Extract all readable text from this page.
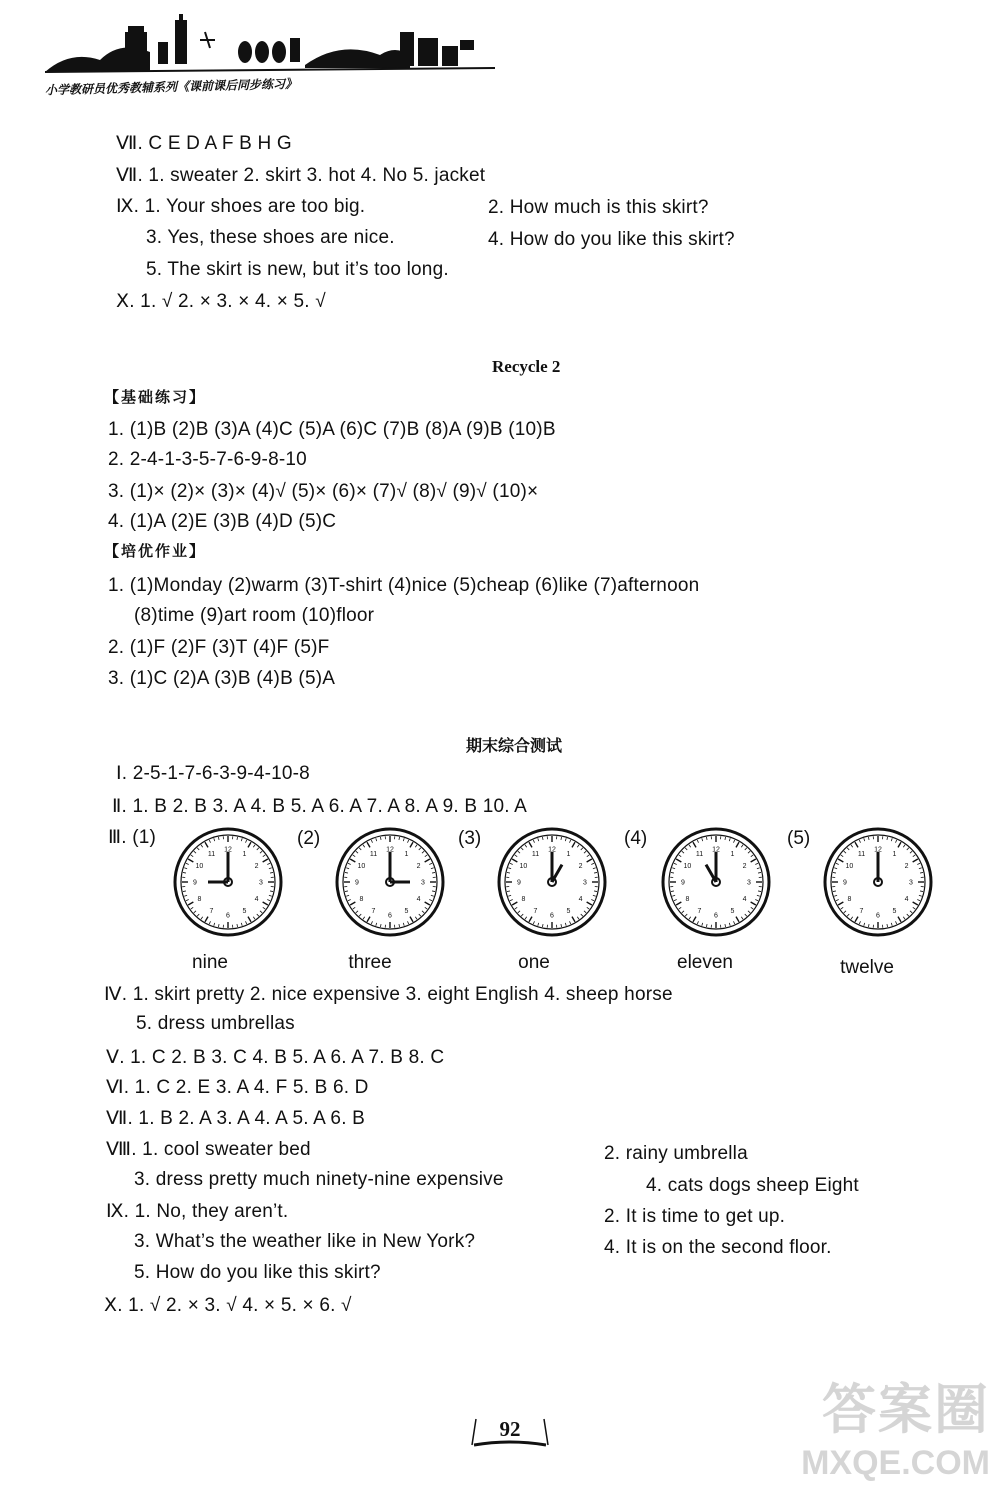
小学教研员优秀教辅系列《课前课后同步练习》
Ⅶ. C E D A F B H G
Ⅶ. 1. sweater 2. skirt 3. hot 4. No 5. jacket
Ⅸ. 1. Your shoes are too big.	2. How much is this skirt?
3. Yes, these shoes are nice.	4. How do you like this skirt?
5. The skirt is new, but it’s too long.
Ⅹ. 1. √ 2. × 3. × 4. × 5. √
Recycle 2
【基础练习】
1. (1)B (2)B (3)A (4)C (5)A (6)C (7)B (8)A (9)B (10)B
2. 2-4-1-3-5-7-6-9-8-10
3. (1)× (2)× (3)× (4)√ (5)× (6)× (7)√ (8)√ (9)√ (10)×
4. (1)A (2)E (3)B (4)D (5)C
【培优作业】
1. (1)Monday (2)warm (3)T-shirt (4)nice (5)cheap (6)like (7)afternoon
(8)time (9)art room (10)floor
2. (1)F (2)F (3)T (4)F (5)F
3. (1)C (2)A (3)B (4)B (5)A
期末综合测试
Ⅰ. 2-5-1-7-6-3-9-4-10-8
Ⅱ. 1. B 2. B 3. A 4. B 5. A 6. A 7. A 8. A 9. B 10. A
Ⅲ. (1)	(2)	(3)	(4)	(5)
1
2
3
4
5
6
7
8
9
10
11
12
1
2
3
4
5
6
7
8
9
10
11
12
1
2
3
4
5
6
7
8
9
10
11
12
1
2
3
4
5
6
7
8
9
10
11
12
1
2
3
4
5
6
7
8
9
10
11
12
nine	three	one	eleven	twelve
Ⅳ. 1. skirt pretty 2. nice expensive 3. eight English 4. sheep horse
5. dress umbrellas
Ⅴ. 1. C 2. B 3. C 4. B 5. A 6. A 7. B 8. C
Ⅵ. 1. C 2. E 3. A 4. F 5. B 6. D
Ⅶ. 1. B 2. A 3. A 4. A 5. A 6. B
Ⅷ. 1. cool sweater bed	2. rainy umbrella
3. dress pretty much ninety-nine expensive	4. cats dogs sheep Eight
Ⅸ. 1. No, they aren’t.	2. It is time to get up.
3. What’s the weather like in New York?	4. It is on the second floor.
5. How do you like this skirt?
Ⅹ. 1. √ 2. × 3. √ 4. × 5. × 6. √
92	答案圈
MXQE.COM
